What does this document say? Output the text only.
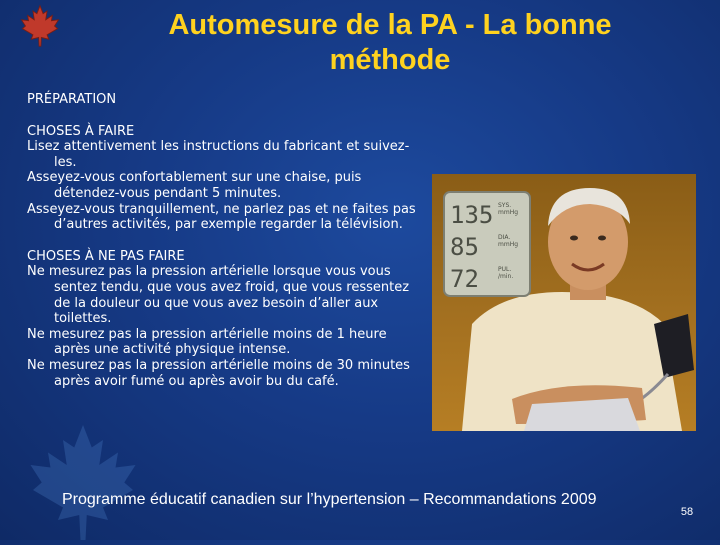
Automesure de la PA - La bonne méthode

PRÉPARATION

CHOSES À FAIRE

Lisez attentivement les instructions du fabricant et suivez-les.

Asseyez-vous confortablement sur une chaise, puis détendez-vous pendant 5 minutes.

Asseyez-vous tranquillement, ne parlez pas et ne faites pas d’autres activités, par exemple regarder la télévision.

CHOSES À NE PAS FAIRE

Ne mesurez pas la pression artérielle lorsque vous vous sentez tendu, que vous avez froid, que vous ressentez de la douleur ou que vous avez besoin d’aller aux toilettes.

Ne mesurez pas la pression artérielle moins de 1 heure après une activité physique intense.

Ne mesurez pas la pression artérielle moins de 30 minutes après avoir fumé ou après avoir bu du café.

135 SYS.
mmHg
85	DIA.
mmHg
72	PUL.
/min.
Programme éducatif canadien sur l’hypertension – Recommandations 2009
58
